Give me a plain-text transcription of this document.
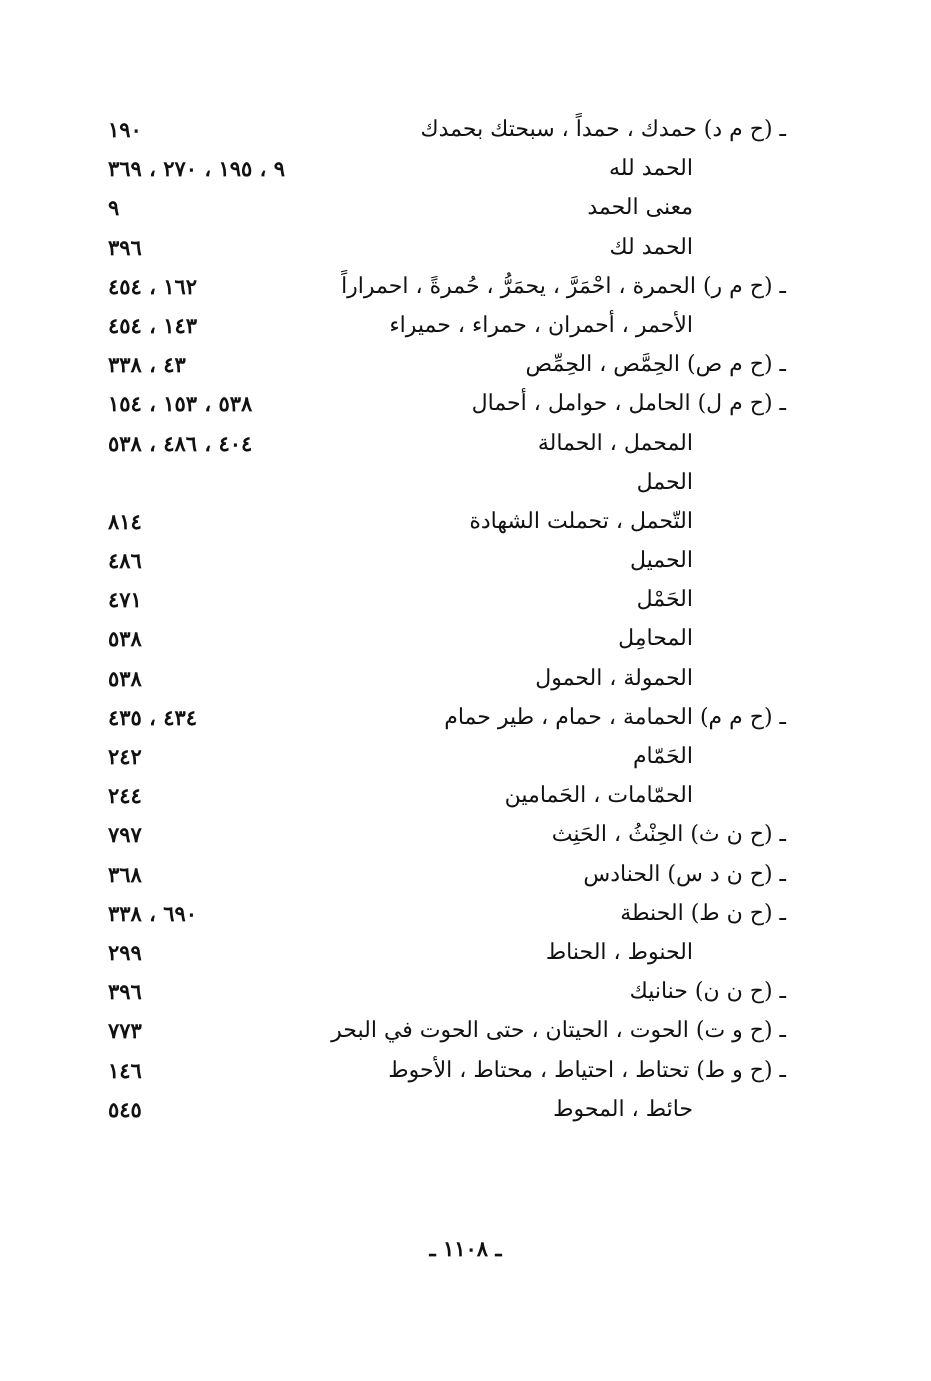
ـ (ح م د) حمدك ، حمداً ، سبحتك بحمدك
١٩٠
الحمد لله
٩ ، ١٩٥ ، ٢٧٠ ، ٣٦٩
معنى الحمد
٩
الحمد لك
٣٩٦
ـ (ح م ر) الحمرة ، احْمَرَّ ، يحمَرُّ ، حُمرةً ، احمراراً
١٦٢ ، ٤٥٤
الأحمر ، أحمران ، حمراء ، حميراء
١٤٣ ، ٤٥٤
ـ (ح م ص) الحِمَّص ، الحِمِّص
٤٣ ، ٣٣٨
ـ (ح م ل) الحامل ، حوامل ، أحمال
٥٣٨ ، ١٥٣ ، ١٥٤
المحمل ، الحمالة
٤٠٤ ، ٤٨٦ ، ٥٣٨
الحمل
التّحمل ، تحملت الشهادة
٨١٤
الحميل
٤٨٦
الحَمْل
٤٧١
المحامِل
٥٣٨
الحمولة ، الحمول
٥٣٨
ـ (ح م م) الحمامة ، حمام ، طير حمام
٤٣٤ ، ٤٣٥
الحَمّام
٢٤٢
الحمّامات ، الحَمامين
٢٤٤
ـ (ح ن ث) الحِنْثُ ، الحَنِث
٧٩٧
ـ (ح ن د س) الحنادس
٣٦٨
ـ (ح ن ط) الحنطة
٦٩٠ ، ٣٣٨
الحنوط ، الحناط
٢٩٩
ـ (ح ن ن) حنانيك
٣٩٦
ـ (ح و ت) الحوت ، الحيتان ، حتى الحوت في البحر
٧٧٣
ـ (ح و ط) تحتاط ، احتياط ، محتاط ، الأحوط
١٤٦
حائط ، المحوط
٥٤٥
ـ ١١٠٨ ـ
